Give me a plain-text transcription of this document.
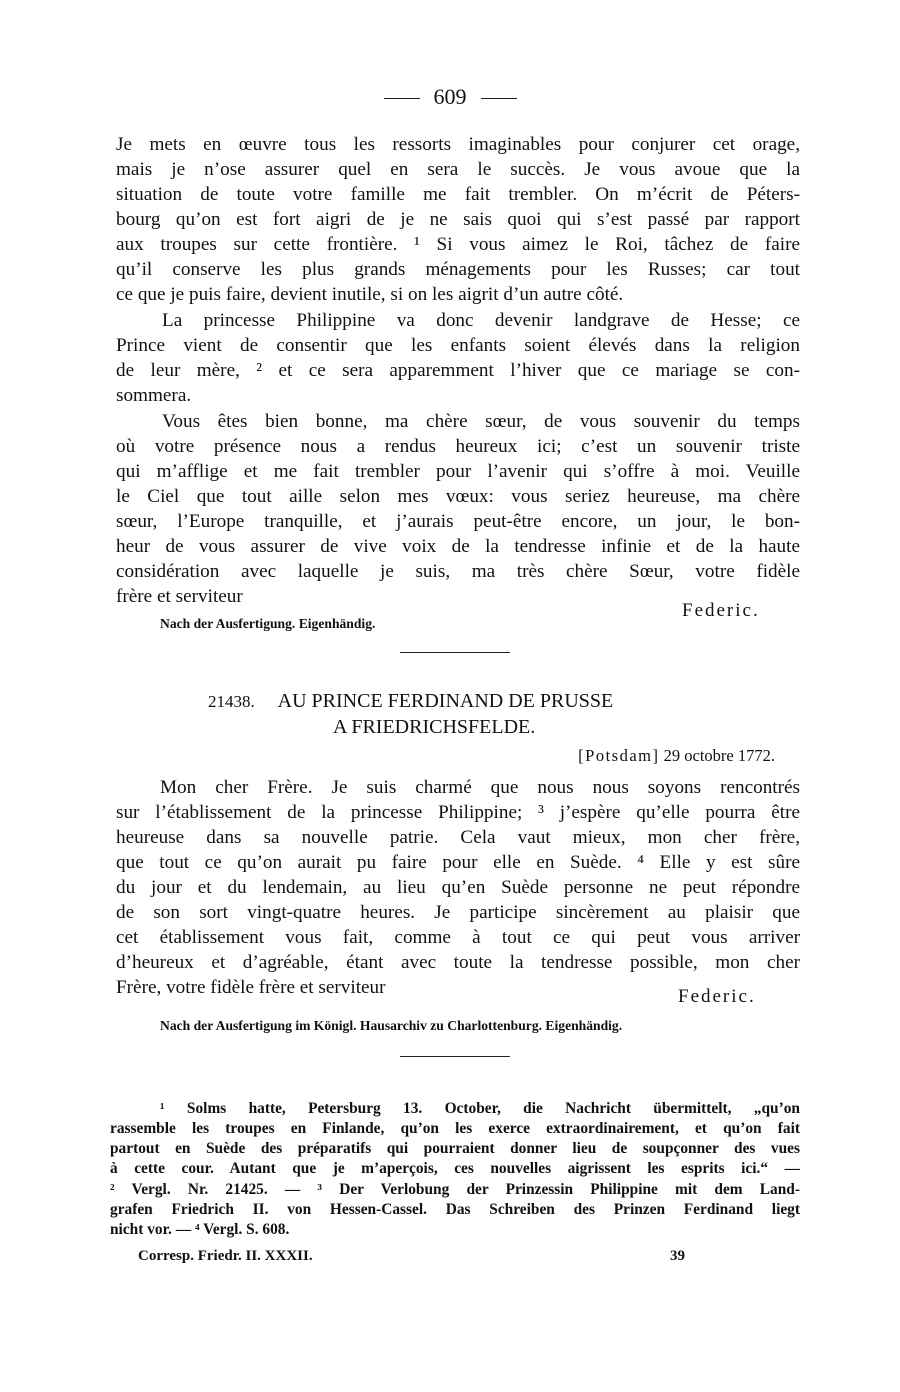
609
Je mets en œuvre tous les ressorts imaginables pour conjurer cet orage,
mais je n’ose assurer quel en sera le succès. Je vous avoue que la
situation de toute votre famille me fait trembler. On m’écrit de Péters-
bourg qu’on est fort aigri de je ne sais quoi qui s’est passé par rapport
aux troupes sur cette frontière. ¹ Si vous aimez le Roi, tâchez de faire
qu’il conserve les plus grands ménagements pour les Russes; car tout
ce que je puis faire, devient inutile, si on les aigrit d’un autre côté.
La princesse Philippine va donc devenir landgrave de Hesse; ce
Prince vient de consentir que les enfants soient élevés dans la religion
de leur mère, ² et ce sera apparemment l’hiver que ce mariage se con-
sommera.
Vous êtes bien bonne, ma chère sœur, de vous souvenir du temps
où votre présence nous a rendus heureux ici; c’est un souvenir triste
qui m’afflige et me fait trembler pour l’avenir qui s’offre à moi. Veuille
le Ciel que tout aille selon mes vœux: vous seriez heureuse, ma chère
sœur, l’Europe tranquille, et j’aurais peut-être encore, un jour, le bon-
heur de vous assurer de vive voix de la tendresse infinie et de la haute
considération avec laquelle je suis, ma très chère Sœur, votre fidèle
frère et serviteur
Federic.
Nach der Ausfertigung. Eigenhändig.
21438. AU PRINCE FERDINAND DE PRUSSE
A FRIEDRICHSFELDE.
[Potsdam] 29 octobre 1772.
Mon cher Frère. Je suis charmé que nous nous soyons rencontrés
sur l’établissement de la princesse Philippine; ³ j’espère qu’elle pourra être
heureuse dans sa nouvelle patrie. Cela vaut mieux, mon cher frère,
que tout ce qu’on aurait pu faire pour elle en Suède. ⁴ Elle y est sûre
du jour et du lendemain, au lieu qu’en Suède personne ne peut répondre
de son sort vingt-quatre heures. Je participe sincèrement au plaisir que
cet établissement vous fait, comme à tout ce qui peut vous arriver
d’heureux et d’agréable, étant avec toute la tendresse possible, mon cher
Frère, votre fidèle frère et serviteur	Federic.
Nach der Ausfertigung im Königl. Hausarchiv zu Charlottenburg. Eigenhändig.
¹ Solms hatte, Petersburg 13. October, die Nachricht übermittelt, „qu’on
rassemble les troupes en Finlande, qu’on les exerce extraordinairement, et qu’on fait
partout en Suède des préparatifs qui pourraient donner lieu de soupçonner des vues
à cette cour. Autant que je m’aperçois, ces nouvelles aigrissent les esprits ici.“ —
² Vergl. Nr. 21425. — ³ Der Verlobung der Prinzessin Philippine mit dem Land-
grafen Friedrich II. von Hessen-Cassel. Das Schreiben des Prinzen Ferdinand liegt
nicht vor. — ⁴ Vergl. S. 608.
Corresp. Friedr. II. XXXII.	39
